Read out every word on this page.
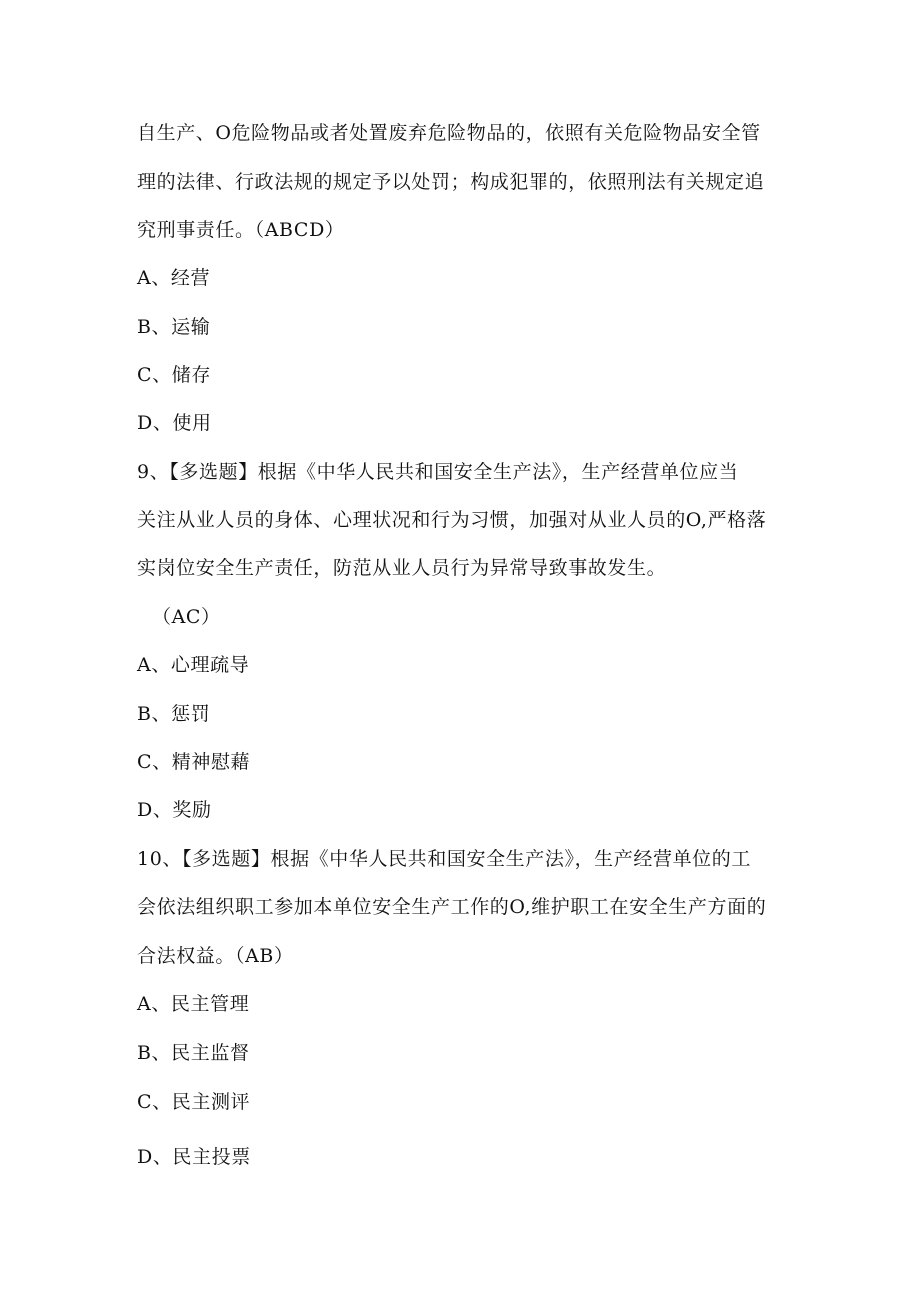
自生产、O危险物品或者处置废弃危险物品的，依照有关危险物品安全管
理的法律、行政法规的规定予以处罚；构成犯罪的，依照刑法有关规定追
究刑事责任。（ABCD）
A、经营
B、运输
C、储存
D、使用
9、【多选题】根据《中华人民共和国安全生产法》，生产经营单位应当
关注从业人员的身体、心理状况和行为习惯，加强对从业人员的O,严格落
实岗位安全生产责任，防范从业人员行为异常导致事故发生。
（AC）
A、心理疏导
B、惩罚
C、精神慰藉
D、奖励
10、【多选题】根据《中华人民共和国安全生产法》，生产经营单位的工
会依法组织职工参加本单位安全生产工作的O,维护职工在安全生产方面的
合法权益。（AB）
A、民主管理
B、民主监督
C、民主测评
D、民主投票
